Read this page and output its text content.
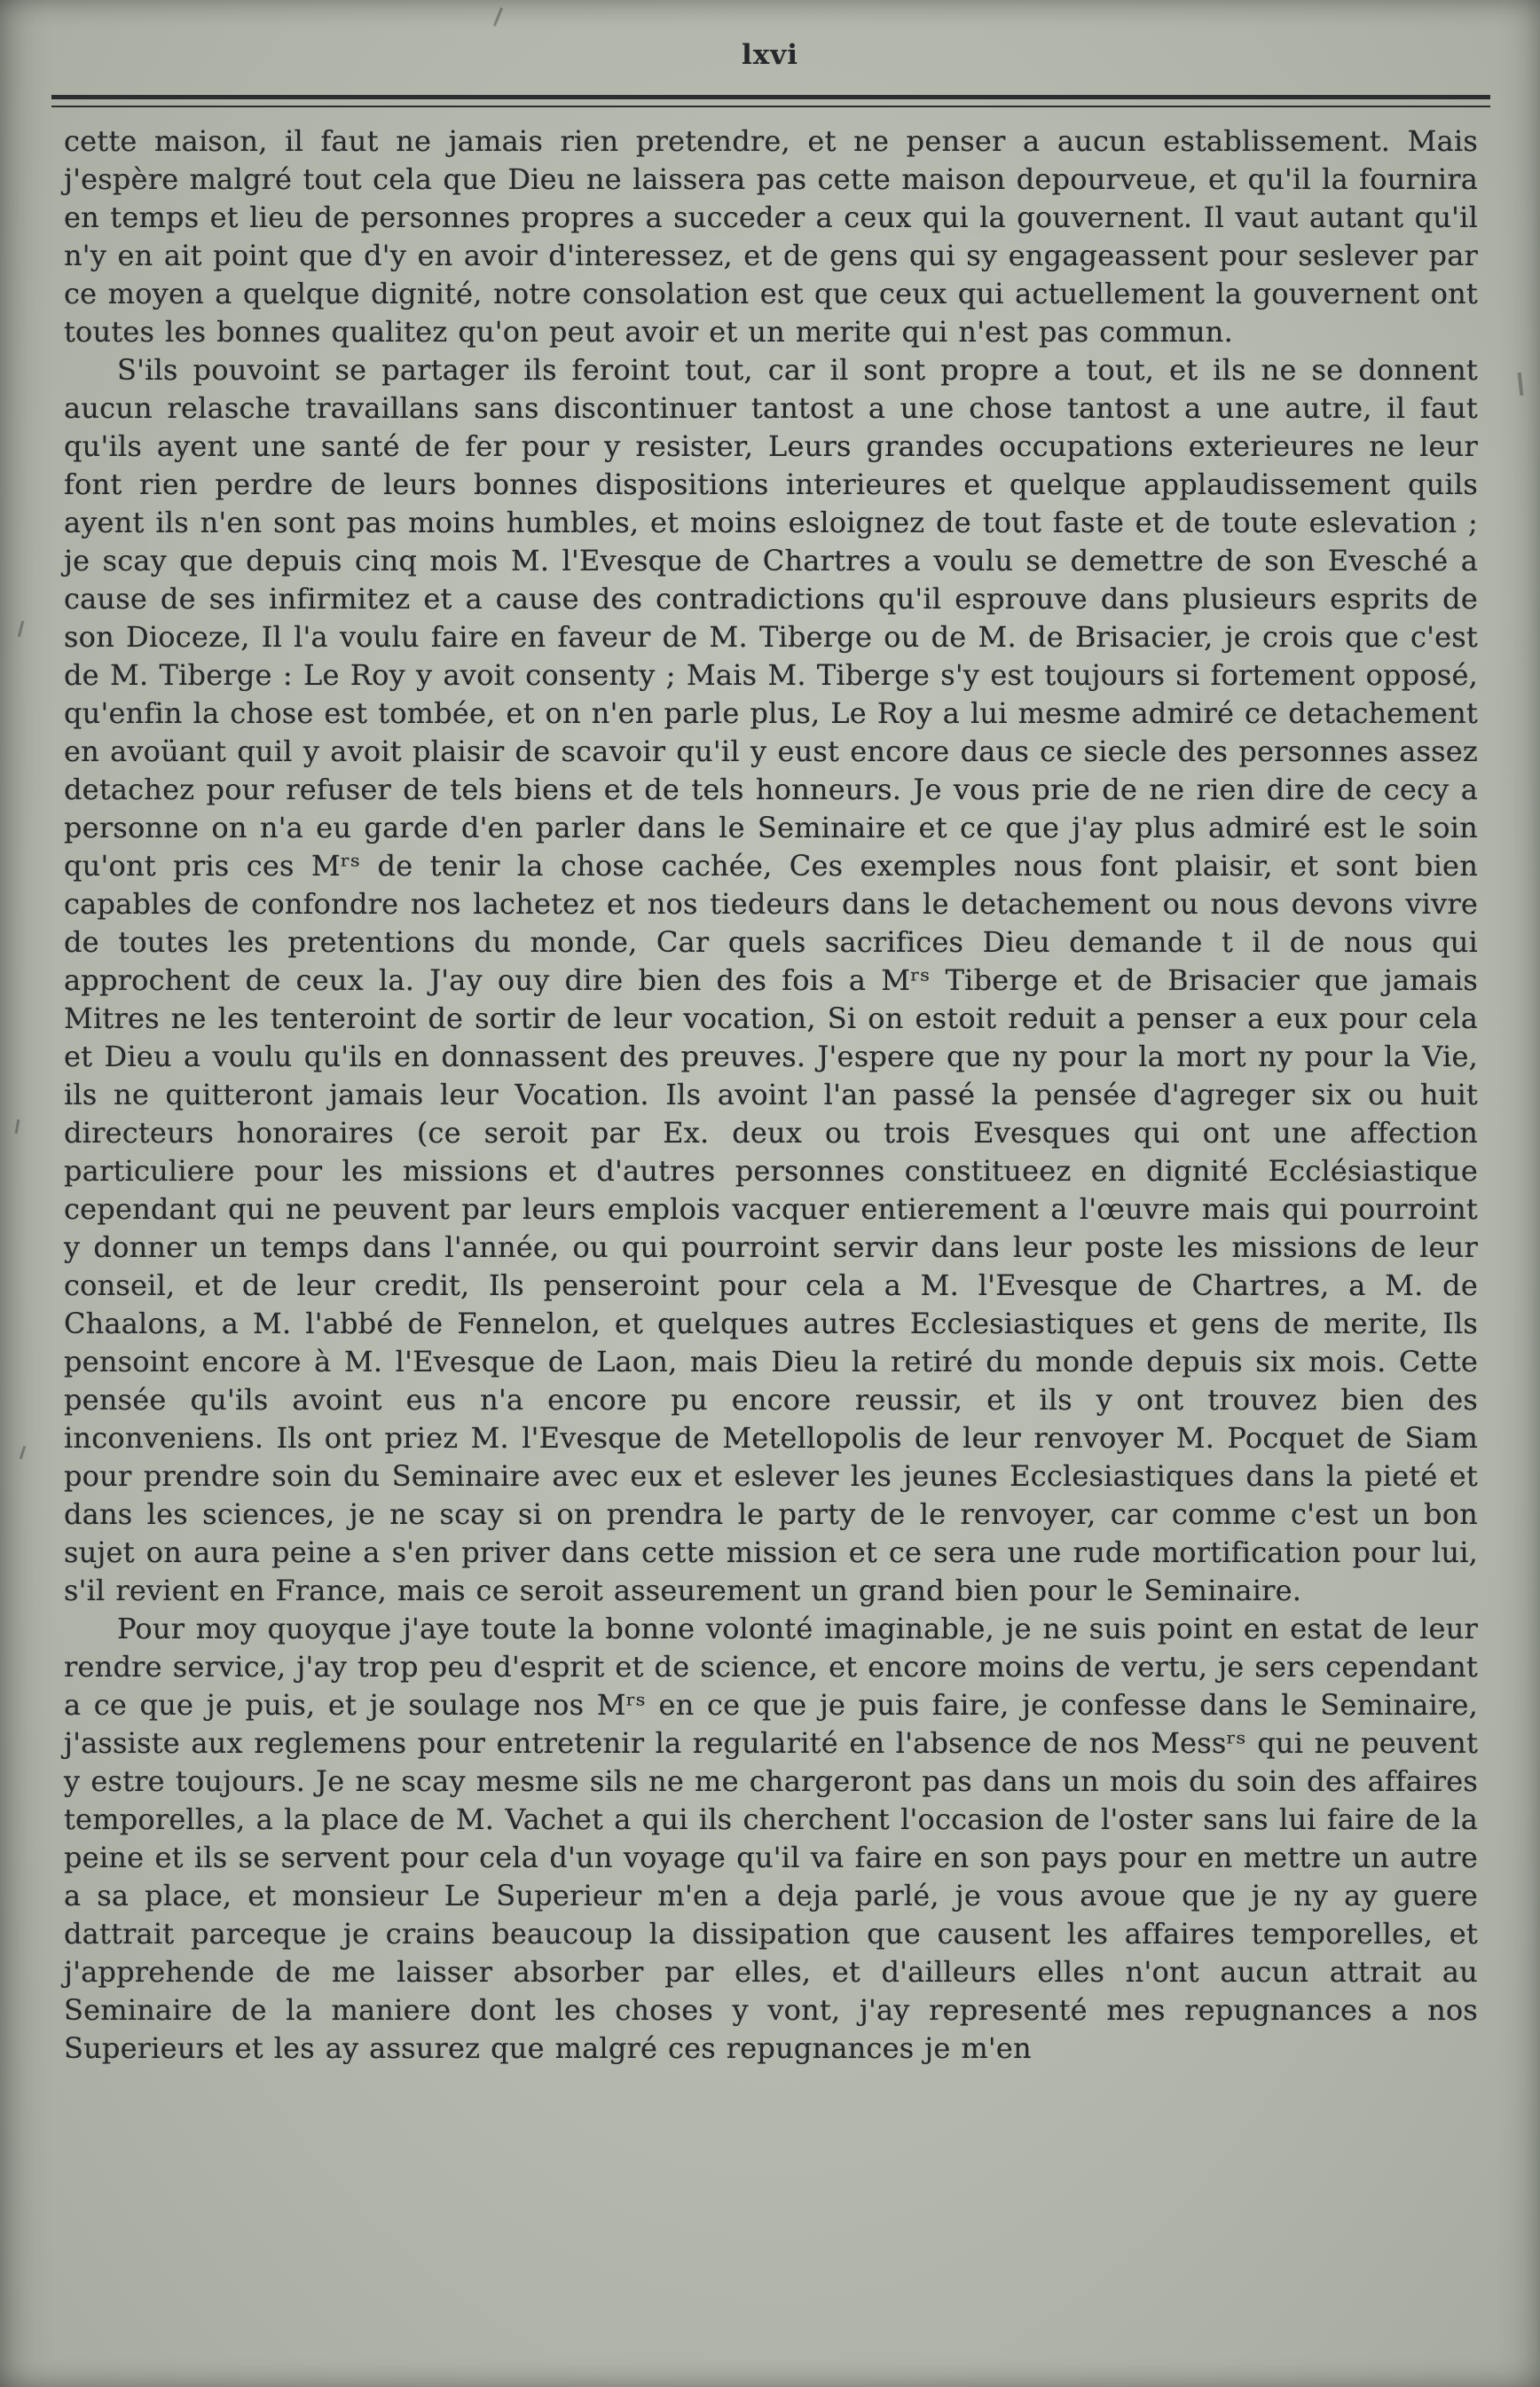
lxvi

cette maison, il faut ne jamais rien pretendre, et ne penser a aucun establissement. Mais j'espère malgré tout cela que Dieu ne laissera pas cette maison depourveue, et qu'il la fournira en temps et lieu de personnes propres a succeder a ceux qui la gouvernent. Il vaut autant qu'il n'y en ait point que d'y en avoir d'interessez, et de gens qui sy engageassent pour seslever par ce moyen a quelque dignité, notre consolation est que ceux qui actuellement la gouvernent ont toutes les bonnes qualitez qu'on peut avoir et un merite qui n'est pas commun.

S'ils pouvoint se partager ils feroint tout, car il sont propre a tout, et ils ne se donnent aucun relasche travaillans sans discontinuer tantost a une chose tantost a une autre, il faut qu'ils ayent une santé de fer pour y resister, Leurs grandes occupations exterieures ne leur font rien perdre de leurs bonnes dispositions interieures et quelque applaudissement quils ayent ils n'en sont pas moins humbles, et moins esloignez de tout faste et de toute eslevation ; je scay que depuis cinq mois M. l'Evesque de Chartres a voulu se demettre de son Evesché a cause de ses infirmitez et a cause des contradictions qu'il esprouve dans plusieurs esprits de son Dioceze, Il l'a voulu faire en faveur de M. Tiberge ou de M. de Brisacier, je crois que c'est de M. Tiberge : Le Roy y avoit consenty ; Mais M. Tiberge s'y est toujours si fortement opposé, qu'enfin la chose est tombée, et on n'en parle plus, Le Roy a lui mesme admiré ce detachement en avoüant quil y avoit plaisir de scavoir qu'il y eust encore daus ce siecle des personnes assez detachez pour refuser de tels biens et de tels honneurs. Je vous prie de ne rien dire de cecy a personne on n'a eu garde d'en parler dans le Seminaire et ce que j'ay plus admiré est le soin qu'ont pris ces Mʳˢ de tenir la chose cachée, Ces exemples nous font plaisir, et sont bien capables de confondre nos lachetez et nos tiedeurs dans le detachement ou nous devons vivre de toutes les pretentions du monde, Car quels sacrifices Dieu demande t il de nous qui approchent de ceux la. J'ay ouy dire bien des fois a Mʳˢ Tiberge et de Brisacier que jamais Mitres ne les tenteroint de sortir de leur vocation, Si on estoit reduit a penser a eux pour cela et Dieu a voulu qu'ils en donnassent des preuves. J'espere que ny pour la mort ny pour la Vie, ils ne quitteront jamais leur Vocation. Ils avoint l'an passé la pensée d'agreger six ou huit directeurs honoraires (ce seroit par Ex. deux ou trois Evesques qui ont une affection particuliere pour les missions et d'autres personnes constitueez en dignité Ecclésiastique cependant qui ne peuvent par leurs emplois vacquer entierement a l'œuvre mais qui pourroint y donner un temps dans l'année, ou qui pourroint servir dans leur poste les missions de leur conseil, et de leur credit, Ils penseroint pour cela a M. l'Evesque de Chartres, a M. de Chaalons, a M. l'abbé de Fennelon, et quelques autres Ecclesiastiques et gens de merite, Ils pensoint encore à M. l'Evesque de Laon, mais Dieu la retiré du monde depuis six mois. Cette pensée qu'ils avoint eus n'a encore pu encore reussir, et ils y ont trouvez bien des inconveniens. Ils ont priez M. l'Evesque de Metellopolis de leur renvoyer M. Pocquet de Siam pour prendre soin du Seminaire avec eux et eslever les jeunes Ecclesiastiques dans la pieté et dans les sciences, je ne scay si on prendra le party de le renvoyer, car comme c'est un bon sujet on aura peine a s'en priver dans cette mission et ce sera une rude mortification pour lui, s'il revient en France, mais ce seroit asseurement un grand bien pour le Seminaire.

Pour moy quoyque j'aye toute la bonne volonté imaginable, je ne suis point en estat de leur rendre service, j'ay trop peu d'esprit et de science, et encore moins de vertu, je sers cependant a ce que je puis, et je soulage nos Mʳˢ en ce que je puis faire, je confesse dans le Seminaire, j'assiste aux reglemens pour entretenir la regularité en l'absence de nos Messʳˢ qui ne peuvent y estre toujours. Je ne scay mesme sils ne me chargeront pas dans un mois du soin des affaires temporelles, a la place de M. Vachet a qui ils cherchent l'occasion de l'oster sans lui faire de la peine et ils se servent pour cela d'un voyage qu'il va faire en son pays pour en mettre un autre a sa place, et monsieur Le Superieur m'en a deja parlé, je vous avoue que je ny ay guere dattrait parceque je crains beaucoup la dissipation que causent les affaires temporelles, et j'apprehende de me laisser absorber par elles, et d'ailleurs elles n'ont aucun attrait au Seminaire de la maniere dont les choses y vont, j'ay representé mes repugnances a nos Superieurs et les ay assurez que malgré ces repugnances je m'en
